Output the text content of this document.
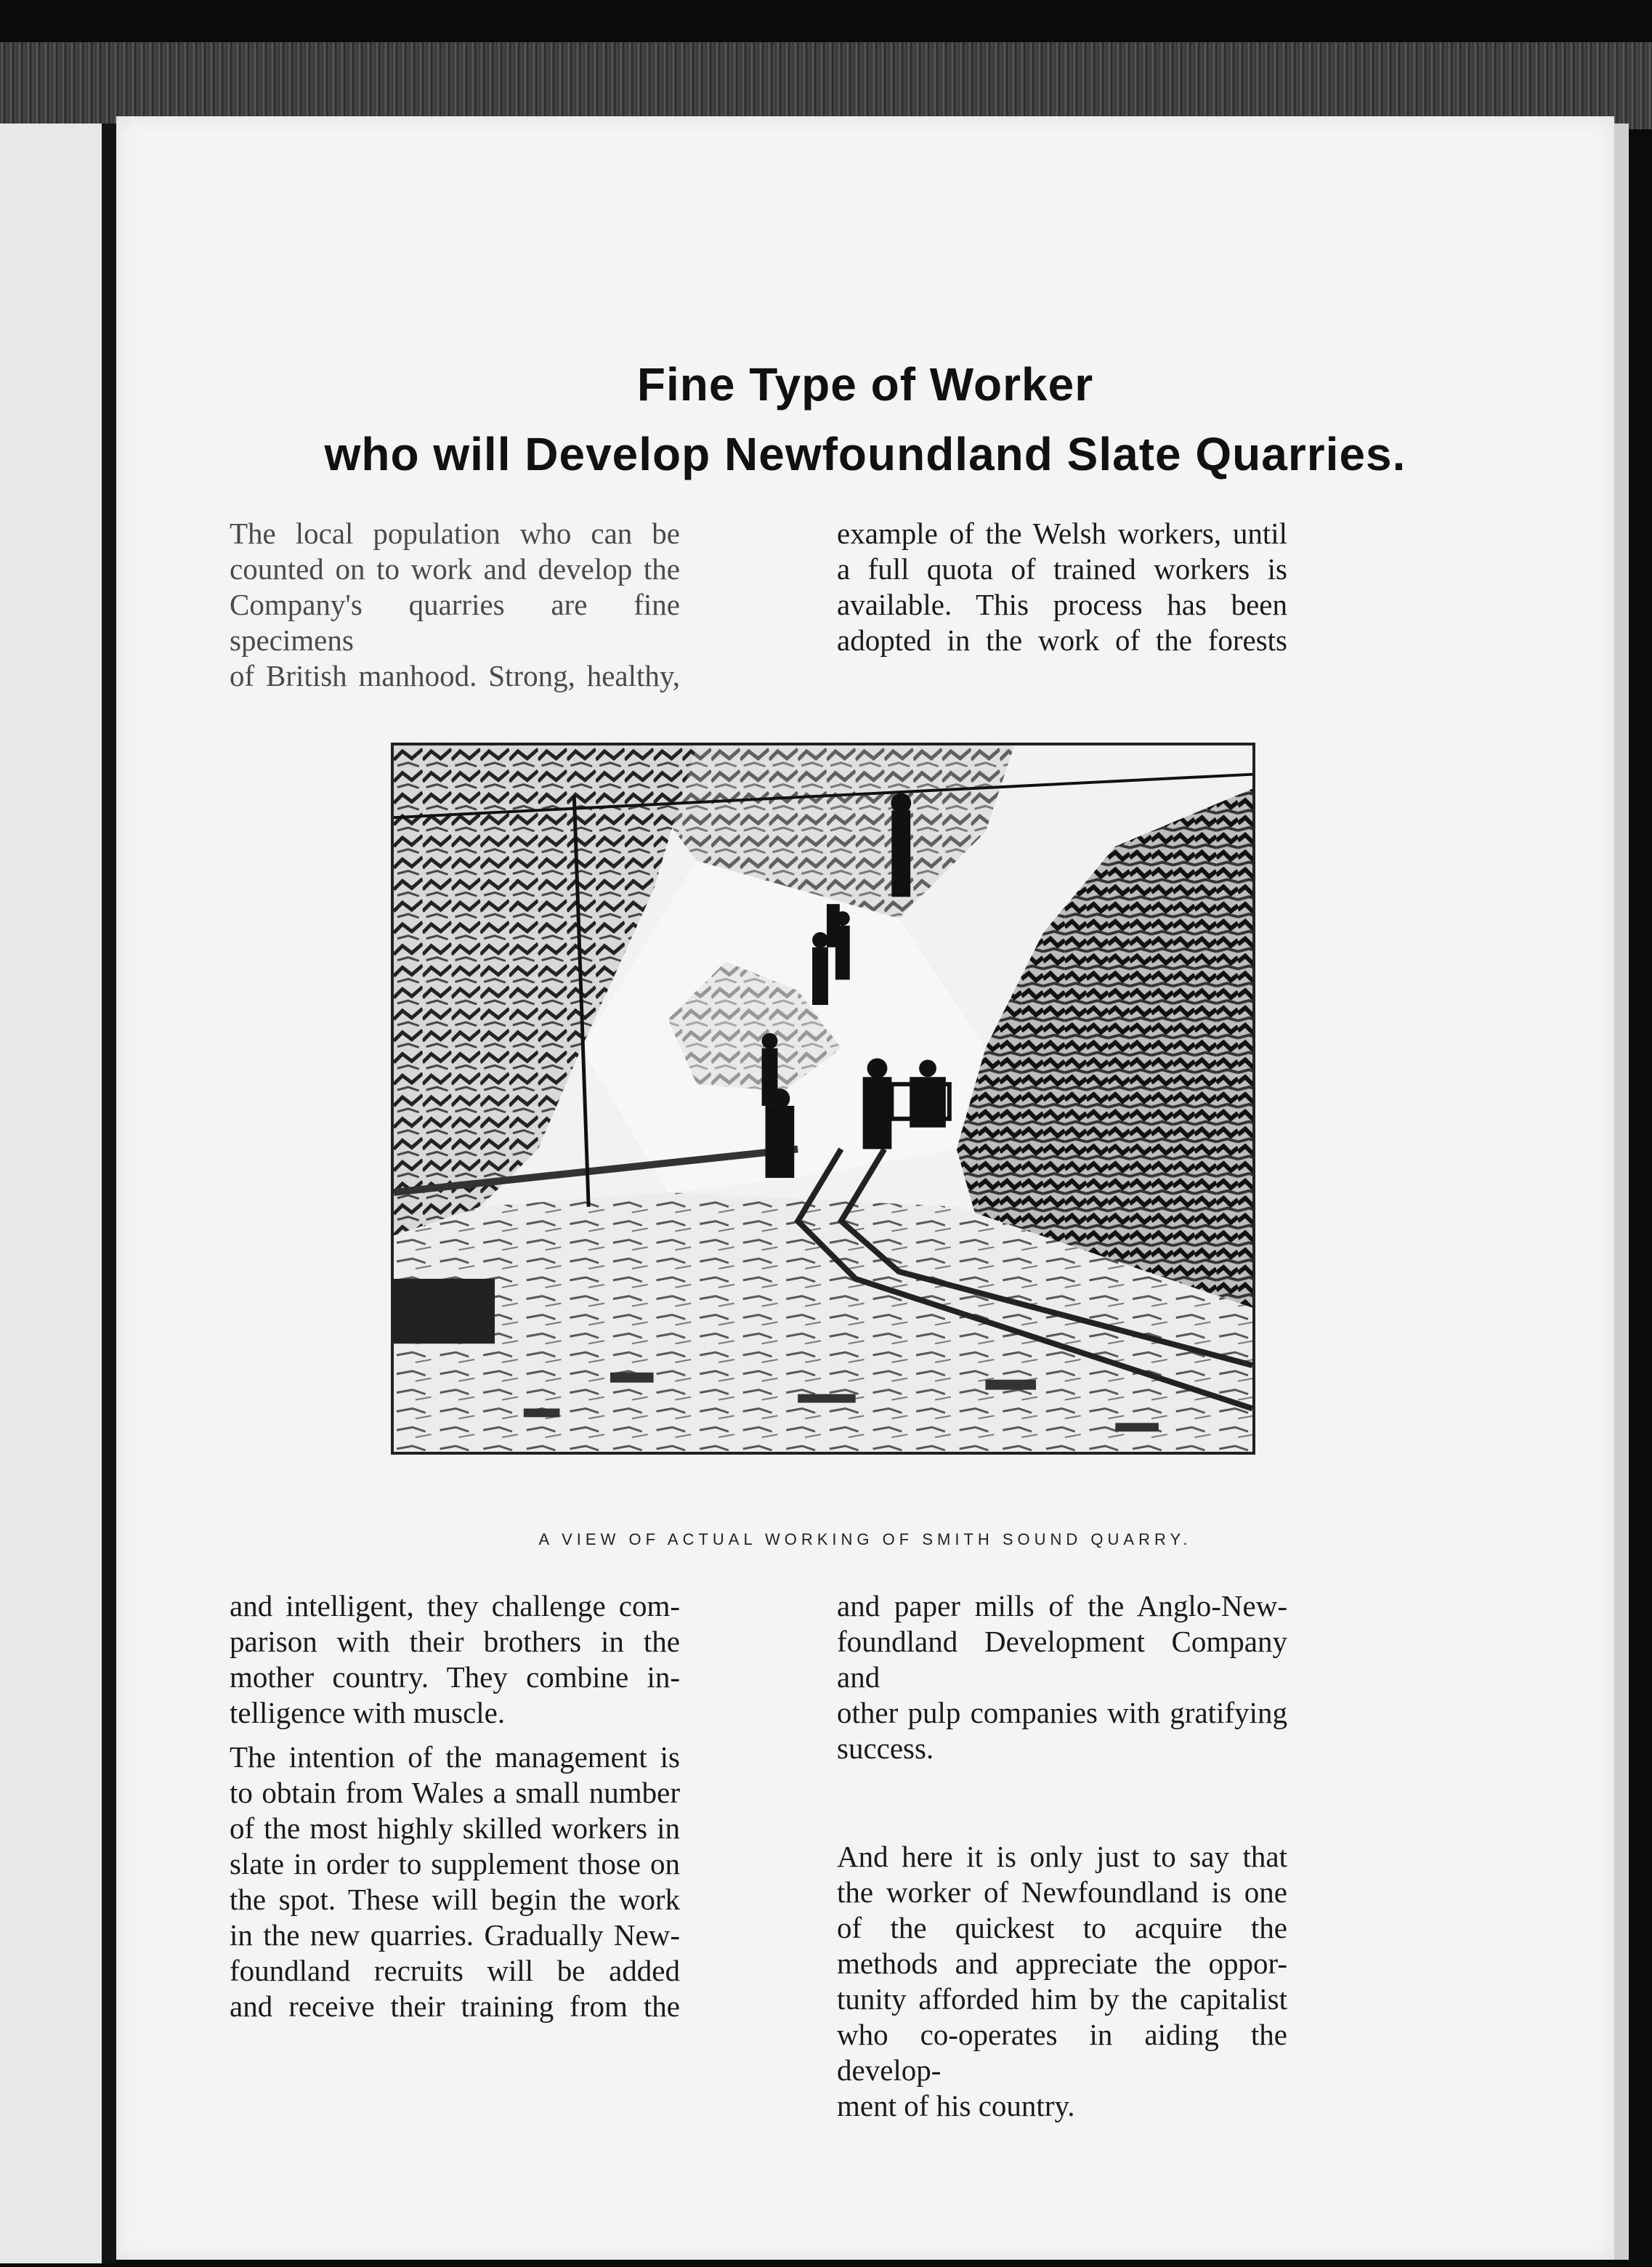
Fine Type of Worker
who will Develop Newfoundland Slate Quarries.

The local population who can be

counted on to work and develop the

Company's quarries are fine specimens

of British manhood. Strong, healthy,

example of the Welsh workers, until

a full quota of trained workers is

available. This process has been

adopted in the work of the forests

A VIEW OF ACTUAL WORKING OF SMITH SOUND QUARRY.

and intelligent, they challenge com-

parison with their brothers in the

mother country. They combine in-

telligence with muscle.

The intention of the management is

to obtain from Wales a small number

of the most highly skilled workers in

slate in order to supplement those on

the spot. These will begin the work

in the new quarries. Gradually New-

foundland recruits will be added

and receive their training from the

and paper mills of the Anglo-New-

foundland Development Company and

other pulp companies with gratifying

success.

And here it is only just to say that

the worker of Newfoundland is one

of the quickest to acquire the

methods and appreciate the oppor-

tunity afforded him by the capitalist

who co-operates in aiding the develop-

ment of his country.
